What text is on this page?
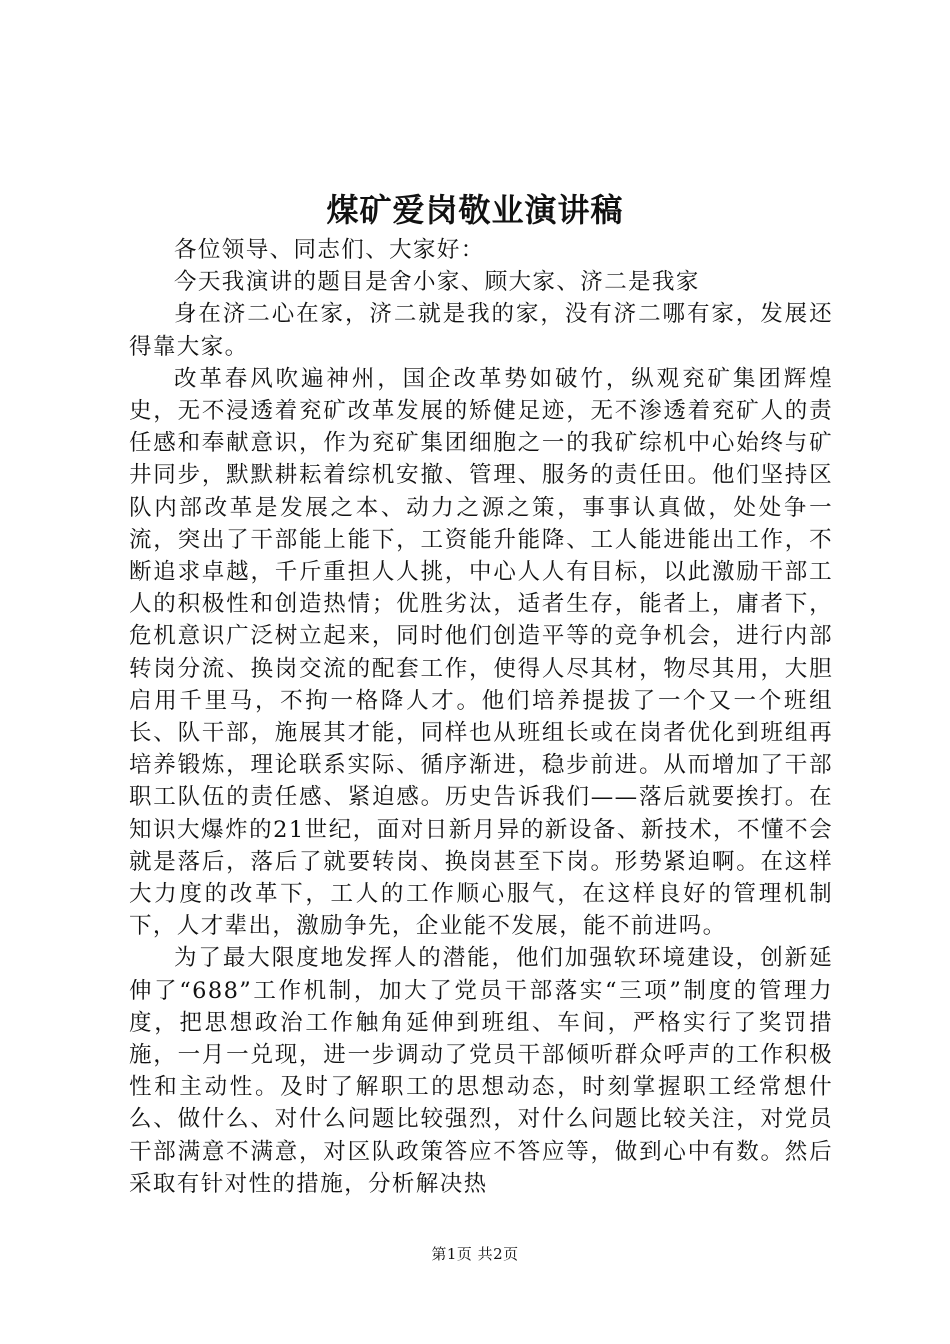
煤矿爱岗敬业演讲稿

各位领导、同志们、大家好：

今天我演讲的题目是舍小家、顾大家、济二是我家

身在济二心在家，济二就是我的家，没有济二哪有家，发展还得靠大家。

改革春风吹遍神州，国企改革势如破竹，纵观兖矿集团辉煌史，无不浸透着兖矿改革发展的矫健足迹，无不渗透着兖矿人的责任感和奉献意识，作为兖矿集团细胞之一的我矿综机中心始终与矿井同步，默默耕耘着综机安撤、管理、服务的责任田。他们坚持区队内部改革是发展之本、动力之源之策，事事认真做，处处争一流，突出了干部能上能下，工资能升能降、工人能进能出工作，不断追求卓越，千斤重担人人挑，中心人人有目标，以此激励干部工人的积极性和创造热情；优胜劣汰，适者生存，能者上，庸者下，危机意识广泛树立起来，同时他们创造平等的竞争机会，进行内部转岗分流、换岗交流的配套工作，使得人尽其材，物尽其用，大胆启用千里马，不拘一格降人才。他们培养提拔了一个又一个班组长、队干部，施展其才能，同样也从班组长或在岗者优化到班组再培养锻炼，理论联系实际、循序渐进，稳步前进。从而增加了干部职工队伍的责任感、紧迫感。历史告诉我们——落后就要挨打。在知识大爆炸的21世纪，面对日新月异的新设备、新技术，不懂不会就是落后，落后了就要转岗、换岗甚至下岗。形势紧迫啊。在这样大力度的改革下，工人的工作顺心服气，在这样良好的管理机制下，人才辈出，激励争先，企业能不发展，能不前进吗。

为了最大限度地发挥人的潜能，他们加强软环境建设，创新延伸了“688”工作机制，加大了党员干部落实“三项”制度的管理力度，把思想政治工作触角延伸到班组、车间，严格实行了奖罚措施，一月一兑现，进一步调动了党员干部倾听群众呼声的工作积极性和主动性。及时了解职工的思想动态，时刻掌握职工经常想什么、做什么、对什么问题比较强烈，对什么问题比较关注，对党员干部满意不满意，对区队政策答应不答应等，做到心中有数。然后采取有针对性的措施，分析解决热

第1页 共2页
